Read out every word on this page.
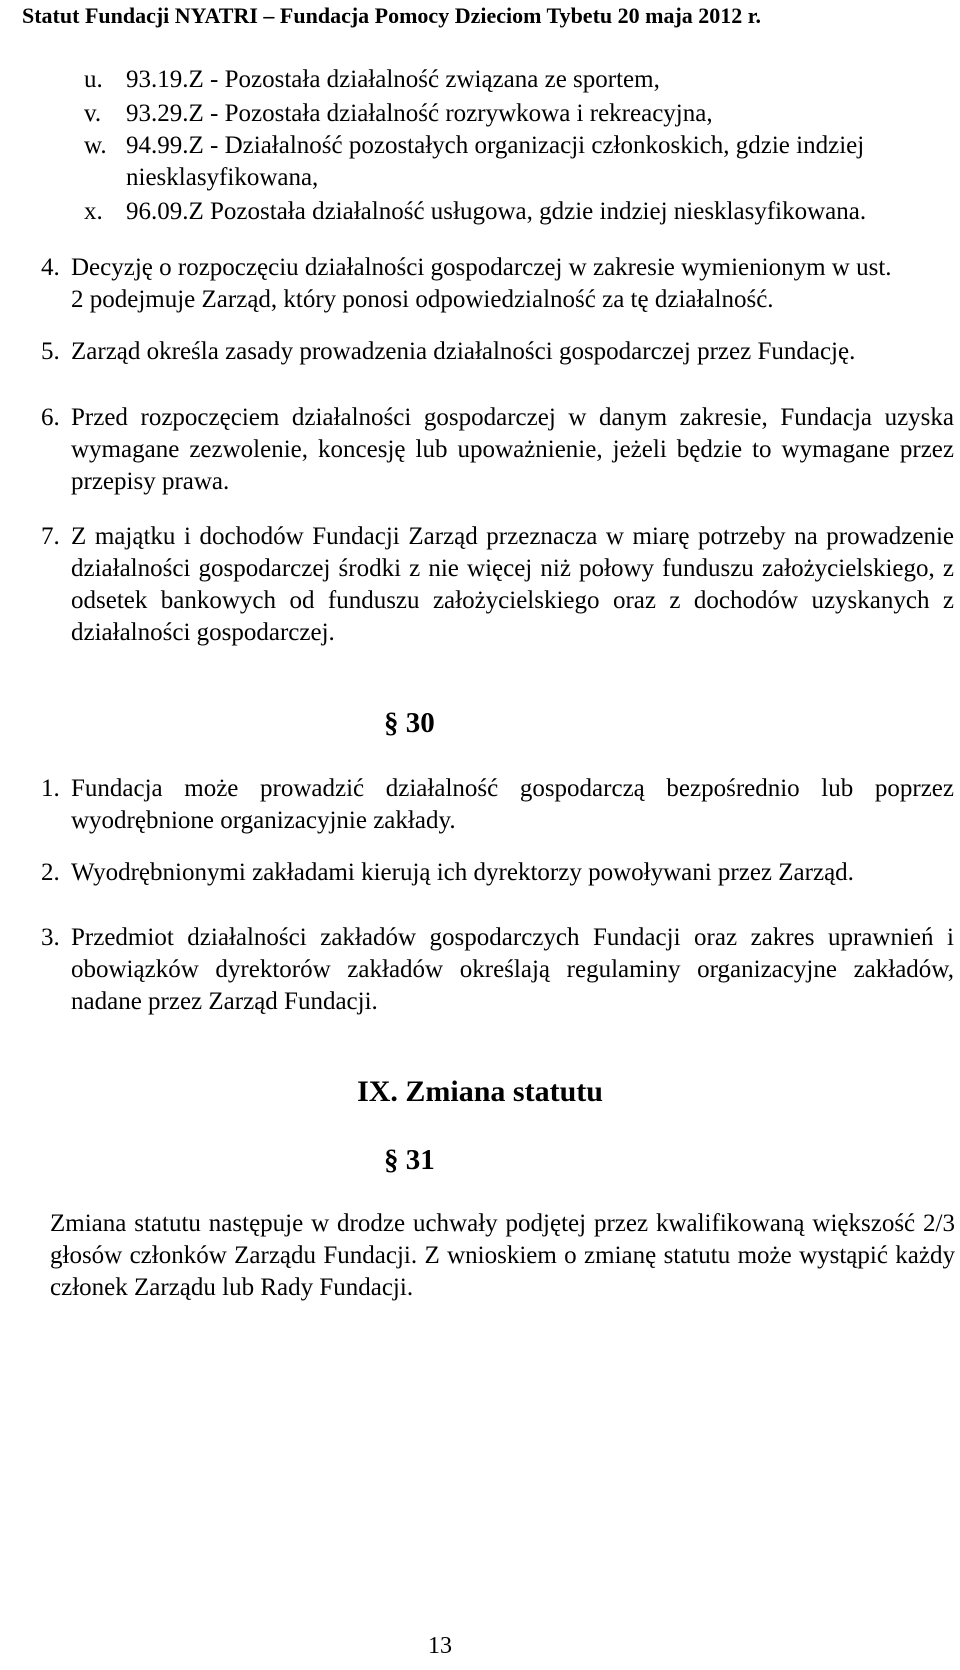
Statut Fundacji NYATRI – Fundacja Pomocy Dzieciom Tybetu 20 maja 2012 r.
u. 93.19.Z - Pozostała działalność związana ze sportem,
v. 93.29.Z - Pozostała działalność rozrywkowa i rekreacyjna,
w. 94.99.Z - Działalność pozostałych organizacji członkoskich, gdzie indziej
niesklasyfikowana,
x. 96.09.Z Pozostała działalność usługowa, gdzie indziej niesklasyfikowana.
4. Decyzję o rozpoczęciu działalności gospodarczej w zakresie wymienionym w ust.
2 podejmuje Zarząd, który ponosi odpowiedzialność za tę działalność.
5. Zarząd określa zasady prowadzenia działalności gospodarczej przez Fundację.
6. Przed rozpoczęciem działalności gospodarczej w danym zakresie, Fundacja uzyska wymagane zezwolenie, koncesję lub upoważnienie, jeżeli będzie to wymagane przez przepisy prawa.
7. Z majątku i dochodów Fundacji Zarząd przeznacza w miarę potrzeby na prowadzenie działalności gospodarczej środki z nie więcej niż połowy funduszu założycielskiego, z odsetek bankowych od funduszu założycielskiego oraz z dochodów uzyskanych z działalności gospodarczej.
§ 30
1. Fundacja może prowadzić działalność gospodarczą bezpośrednio lub poprzez wyodrębnione organizacyjnie zakłady.
2. Wyodrębnionymi zakładami kierują ich dyrektorzy powoływani przez Zarząd.
3. Przedmiot działalności zakładów gospodarczych Fundacji oraz zakres uprawnień i obowiązków dyrektorów zakładów określają regulaminy organizacyjne zakładów, nadane przez Zarząd Fundacji.
IX. Zmiana statutu
§ 31
Zmiana statutu następuje w drodze uchwały podjętej przez kwalifikowaną większość 2/3 głosów członków Zarządu Fundacji. Z wnioskiem o zmianę statutu może wystąpić każdy członek Zarządu lub Rady Fundacji.
13
